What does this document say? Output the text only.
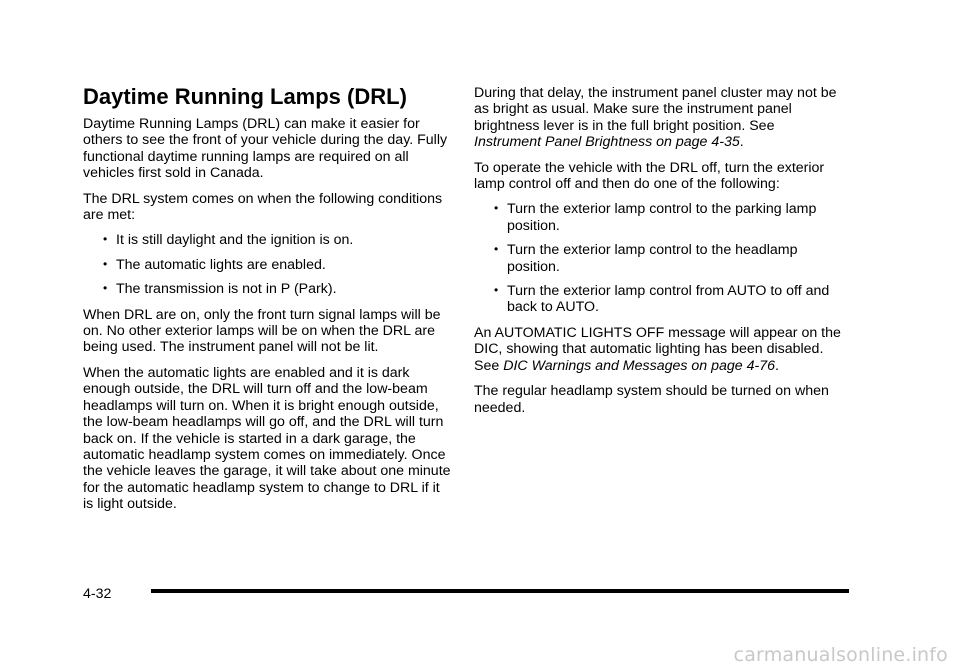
Daytime Running Lamps (DRL)

Daytime Running Lamps (DRL) can make it easier for others to see the front of your vehicle during the day. Fully functional daytime running lamps are required on all vehicles first sold in Canada.

The DRL system comes on when the following conditions are met:

• It is still daylight and the ignition is on.
• The automatic lights are enabled.
• The transmission is not in P (Park).

When DRL are on, only the front turn signal lamps will be on. No other exterior lamps will be on when the DRL are being used. The instrument panel will not be lit.

When the automatic lights are enabled and it is dark enough outside, the DRL will turn off and the low-beam headlamps will turn on. When it is bright enough outside, the low-beam headlamps will go off, and the DRL will turn back on. If the vehicle is started in a dark garage, the automatic headlamp system comes on immediately. Once the vehicle leaves the garage, it will take about one minute for the automatic headlamp system to change to DRL if it is light outside.

During that delay, the instrument panel cluster may not be as bright as usual. Make sure the instrument panel brightness lever is in the full bright position. See Instrument Panel Brightness on page 4-35.

To operate the vehicle with the DRL off, turn the exterior lamp control off and then do one of the following:

• Turn the exterior lamp control to the parking lamp position.
• Turn the exterior lamp control to the headlamp position.
• Turn the exterior lamp control from AUTO to off and back to AUTO.

An AUTOMATIC LIGHTS OFF message will appear on the DIC, showing that automatic lighting has been disabled. See DIC Warnings and Messages on page 4-76.

The regular headlamp system should be turned on when needed.

4-32
carmanualsonline.info
